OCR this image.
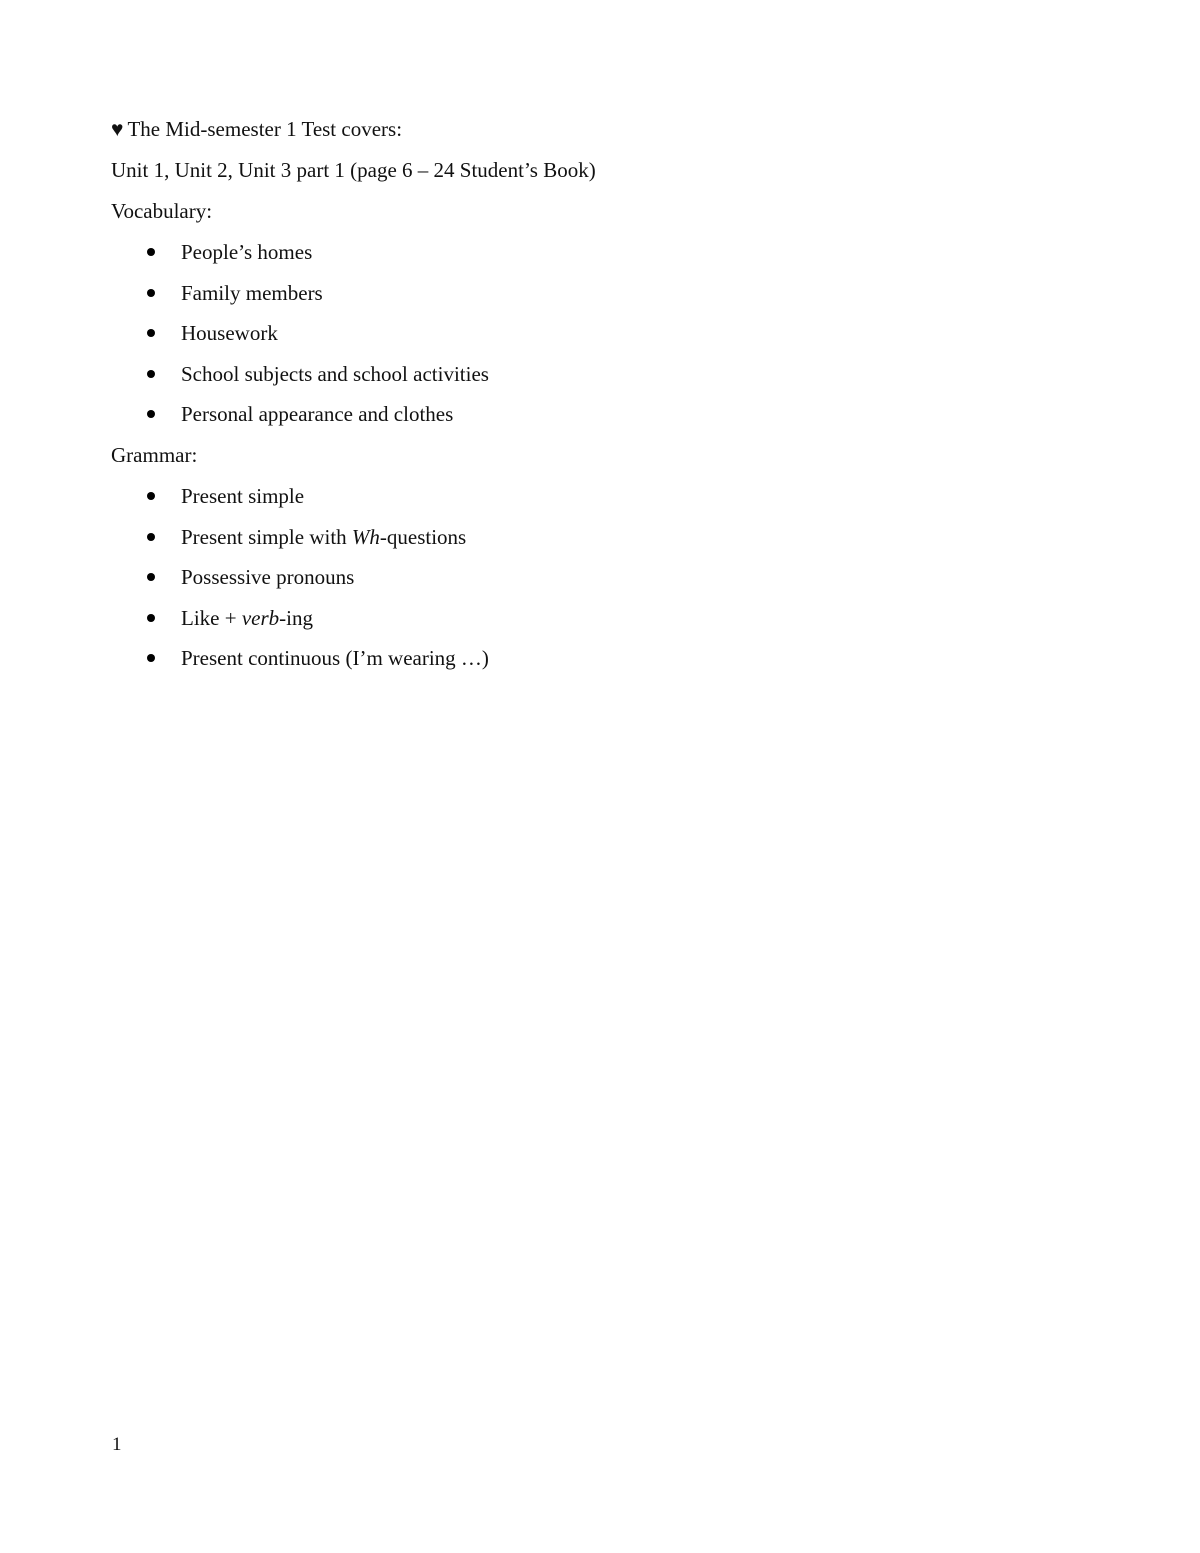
♥ The Mid-semester 1 Test covers:
Unit 1, Unit 2, Unit 3 part 1 (page 6 – 24 Student’s Book)
Vocabulary:
People’s homes
Family members
Housework
School subjects and school activities
Personal appearance and clothes
Grammar:
Present simple
Present simple with Wh-questions
Possessive pronouns
Like + verb-ing
Present continuous (I’m wearing …)
1
